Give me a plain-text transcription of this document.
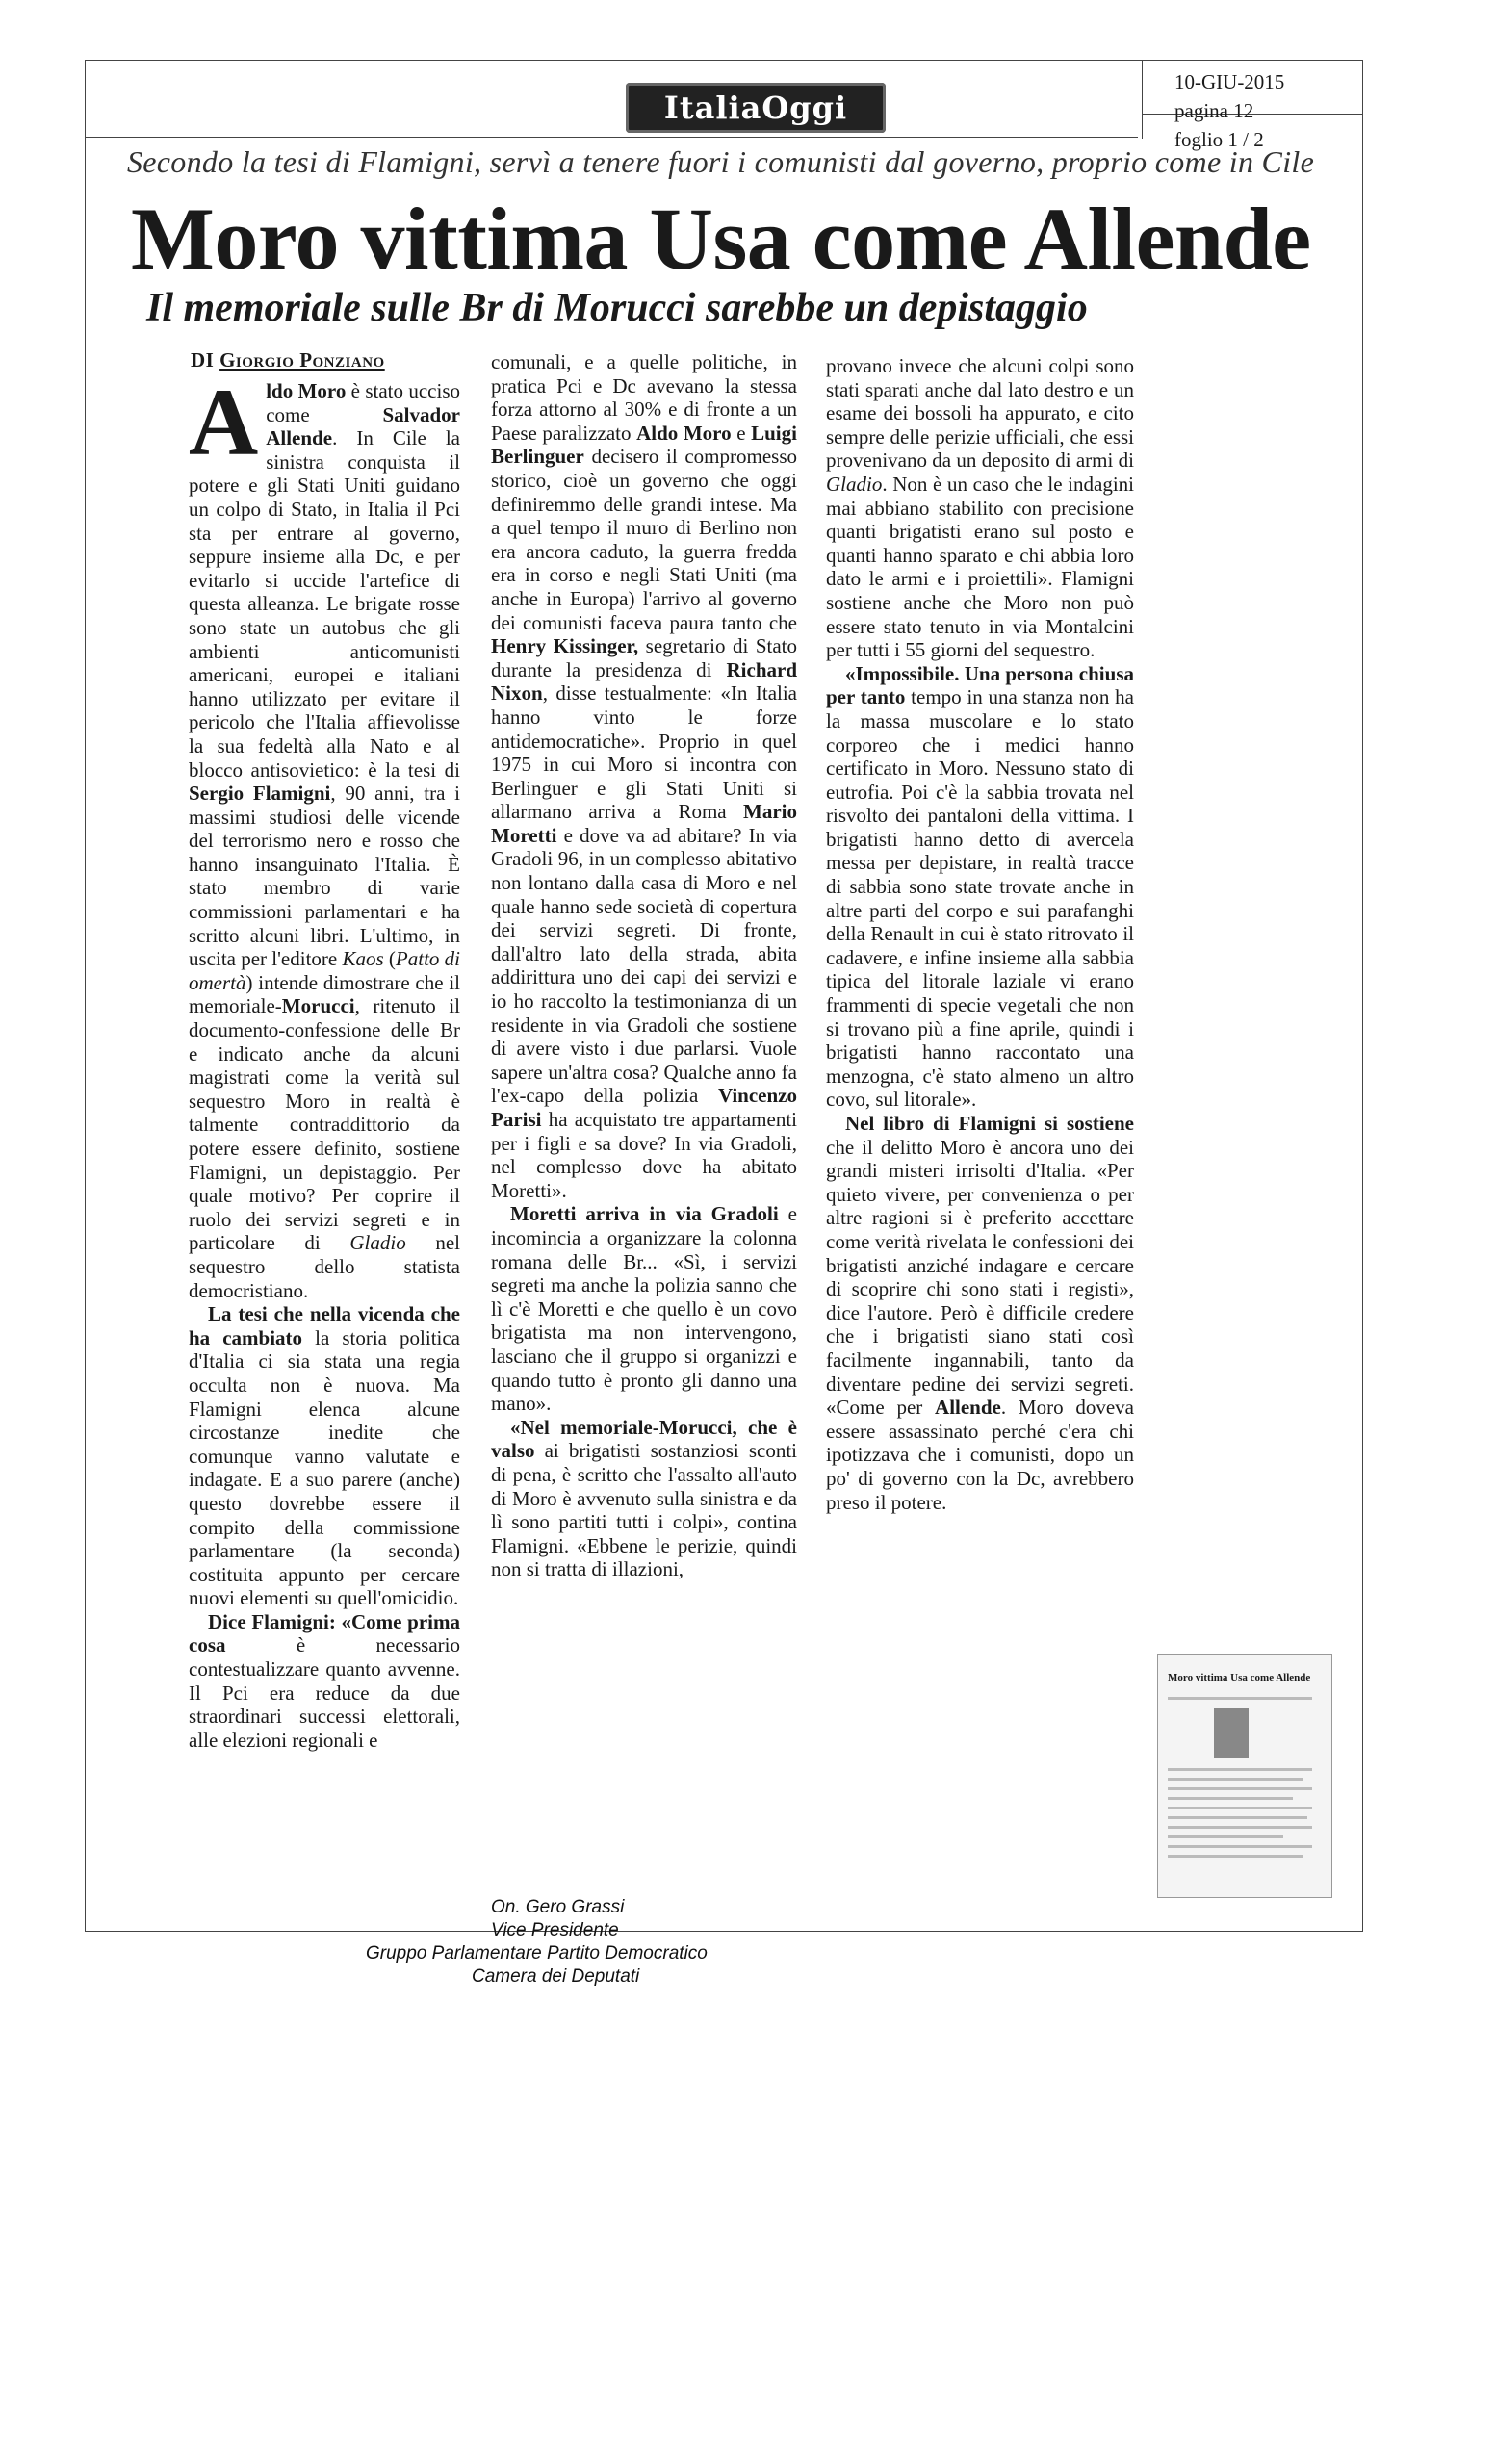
ItaliaOggi
10-GIU-2015
pagina 12
foglio 1 / 2
Secondo la tesi di Flamigni, servì a tenere fuori i comunisti dal governo, proprio come in Cile
Moro vittima Usa come Allende
Il memoriale sulle Br di Morucci sarebbe un depistaggio
DI Giorgio Ponziano

Aldo Moro è stato ucciso come Salvador Allende. In Cile la sinistra conquista il potere e gli Stati Uniti guidano un colpo di Stato, in Italia il Pci sta per entrare al governo, seppure insieme alla Dc, e per evitarlo si uccide l'artefice di questa alleanza. Le brigate rosse sono state un autobus che gli ambienti anticomunisti americani, europei e italiani hanno utilizzato per evitare il pericolo che l'Italia affievolisse la sua fedeltà alla Nato e al blocco antisovietico: è la tesi di Sergio Flamigni, 90 anni, tra i massimi studiosi delle vicende del terrorismo nero e rosso che hanno insanguinato l'Italia. È stato membro di varie commissioni parlamentari e ha scritto alcuni libri. L'ultimo, in uscita per l'editore Kaos (Patto di omertà) intende dimostrare che il memoriale-Morucci, ritenuto il documento-confessione delle Br e indicato anche da alcuni magistrati come la verità sul sequestro Moro in realtà è talmente contraddittorio da potere essere definito, sostiene Flamigni, un depistaggio. Per quale motivo? Per coprire il ruolo dei servizi segreti e in particolare di Gladio nel sequestro dello statista democristiano.

La tesi che nella vicenda che ha cambiato la storia politica d'Italia ci sia stata una regia occulta non è nuova. Ma Flamigni elenca alcune circostanze inedite che comunque vanno valutate e indagate. E a suo parere (anche) questo dovrebbe essere il compito della commissione parlamentare (la seconda) costituita appunto per cercare nuovi elementi su quell'omicidio.

Dice Flamigni: «Come prima cosa è necessario contestualizzare quanto avvenne. Il Pci era reduce da due straordinari successi elettorali, alle elezioni regionali e

comunali, e a quelle politiche, in pratica Pci e Dc avevano la stessa forza attorno al 30% e di fronte a un Paese paralizzato Aldo Moro e Luigi Berlinguer decisero il compromesso storico, cioè un governo che oggi definiremmo delle grandi intese. Ma a quel tempo il muro di Berlino non era ancora caduto, la guerra fredda era in corso e negli Stati Uniti (ma anche in Europa) l'arrivo al governo dei comunisti faceva paura tanto che Henry Kissinger, segretario di Stato durante la presidenza di Richard Nixon, disse testualmente: «In Italia hanno vinto le forze antidemocratiche». Proprio in quel 1975 in cui Moro si incontra con Berlinguer e gli Stati Uniti si allarmano arriva a Roma Mario Moretti e dove va ad abitare? In via Gradoli 96, in un complesso abitativo non lontano dalla casa di Moro e nel quale hanno sede società di copertura dei servizi segreti. Di fronte, dall'altro lato della strada, abita addirittura uno dei capi dei servizi e io ho raccolto la testimonianza di un residente in via Gradoli che sostiene di avere visto i due parlarsi. Vuole sapere un'altra cosa? Qualche anno fa l'ex-capo della polizia Vincenzo Parisi ha acquistato tre appartamenti per i figli e sa dove? In via Gradoli, nel complesso dove ha abitato Moretti».

Moretti arriva in via Gradoli e incomincia a organizzare la colonna romana delle Br... «Sì, i servizi segreti ma anche la polizia sanno che lì c'è Moretti e che quello è un covo brigatista ma non intervengono, lasciano che il gruppo si organizzi e quando tutto è pronto gli danno una mano».

«Nel memoriale-Morucci, che è valso ai brigatisti sostanziosi sconti di pena, è scritto che l'assalto all'auto di Moro è avvenuto sulla sinistra e da lì sono partiti tutti i colpi», contina Flamigni. «Ebbene le perizie, quindi non si tratta di illazioni,

provano invece che alcuni colpi sono stati sparati anche dal lato destro e un esame dei bossoli ha appurato, e cito sempre delle perizie ufficiali, che essi provenivano da un deposito di armi di Gladio. Non è un caso che le indagini mai abbiano stabilito con precisione quanti brigatisti erano sul posto e quanti hanno sparato e chi abbia loro dato le armi e i proiettili». Flamigni sostiene anche che Moro non può essere stato tenuto in via Montalcini per tutti i 55 giorni del sequestro.

«Impossibile. Una persona chiusa per tanto tempo in una stanza non ha la massa muscolare e lo stato corporeo che i medici hanno certificato in Moro. Nessuno stato di eutrofia. Poi c'è la sabbia trovata nel risvolto dei pantaloni della vittima. I brigatisti hanno detto di avercela messa per depistare, in realtà tracce di sabbia sono state trovate anche in altre parti del corpo e sui parafanghi della Renault in cui è stato ritrovato il cadavere, e infine insieme alla sabbia tipica del litorale laziale vi erano frammenti di specie vegetali che non si trovano più a fine aprile, quindi i brigatisti hanno raccontato una menzogna, c'è stato almeno un altro covo, sul litorale».

Nel libro di Flamigni si sostiene che il delitto Moro è ancora uno dei grandi misteri irrisolti d'Italia. «Per quieto vivere, per convenienza o per altre ragioni si è preferito accettare come verità rivelata le confessioni dei brigatisti anziché indagare e cercare di scoprire chi sono stati i registi», dice l'autore. Però è difficile credere che i brigatisti siano stati così facilmente ingannabili, tanto da diventare pedine dei servizi segreti. «Come per Allende. Moro doveva essere assassinato perché c'era chi ipotizzava che i comunisti, dopo un po' di governo con la Dc, avrebbero preso il potere.

Moro vittima Usa come Allende
On. Gero Grassi
Vice Presidente
Gruppo Parlamentare Partito Democratico
Camera dei Deputati
